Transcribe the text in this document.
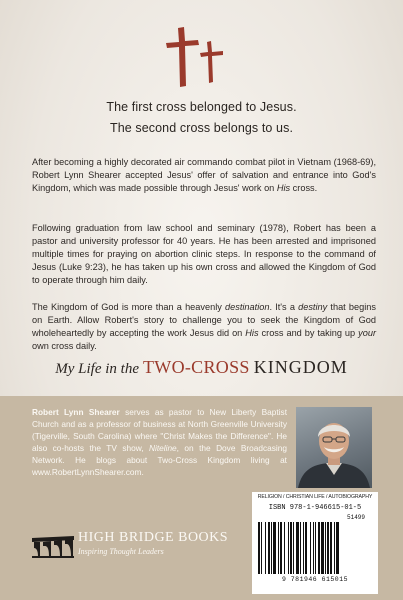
The first cross belonged to Jesus.
The second cross belongs to us.

After becoming a highly decorated air commando combat pilot in Vietnam (1968-69), Robert Lynn Shearer accepted Jesus' offer of salvation and entrance into God's Kingdom, which was made possible through Jesus' work on His cross.

Following graduation from law school and seminary (1978), Robert has been a pastor and university professor for 40 years. He has been arrested and imprisoned multiple times for praying on abortion clinic steps. In response to the command of Jesus (Luke 9:23), he has taken up his own cross and allowed the Kingdom of God to operate through him daily.

The Kingdom of God is more than a heavenly destination. It's a destiny that begins on Earth. Allow Robert's story to challenge you to seek the Kingdom of God wholeheartedly by accepting the work Jesus did on His cross and by taking up your own cross daily.

My Life in the TWO-CROSS KINGDOM

Robert Lynn Shearer serves as pastor to New Liberty Baptist Church and as a professor of business at North Greenville University (Tigerville, South Carolina) where "Christ Makes the Difference". He also co-hosts the TV show, Niteline, on the Dove Broadcasing Network. He blogs about Two-Cross Kingdom living at www.RobertLynnShearer.com.

HIGH BRIDGE BOOKS
Inspiring Thought Leaders
RELIGION / CHRISTIAN LIFE / AUTOBIOGRAPHY
ISBN 978-1-946615-01-5
51499
9 781946 615015
